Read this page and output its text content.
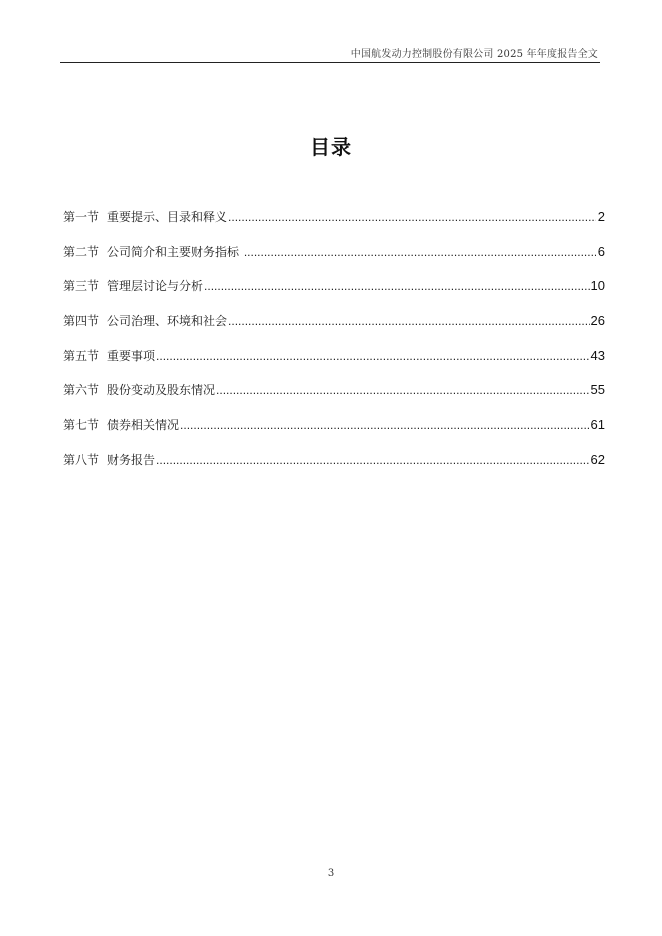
中国航发动力控制股份有限公司 2025 年年度报告全文
目录
第一节 重要提示、目录和释义 .....	2
第二节 公司简介和主要财务指标 .....	6
第三节 管理层讨论与分析 .....	10
第四节 公司治理、环境和社会 .....	26
第五节 重要事项 .....	43
第六节 股份变动及股东情况 .....	55
第七节 债券相关情况 .....	61
第八节 财务报告 .....	62
3
